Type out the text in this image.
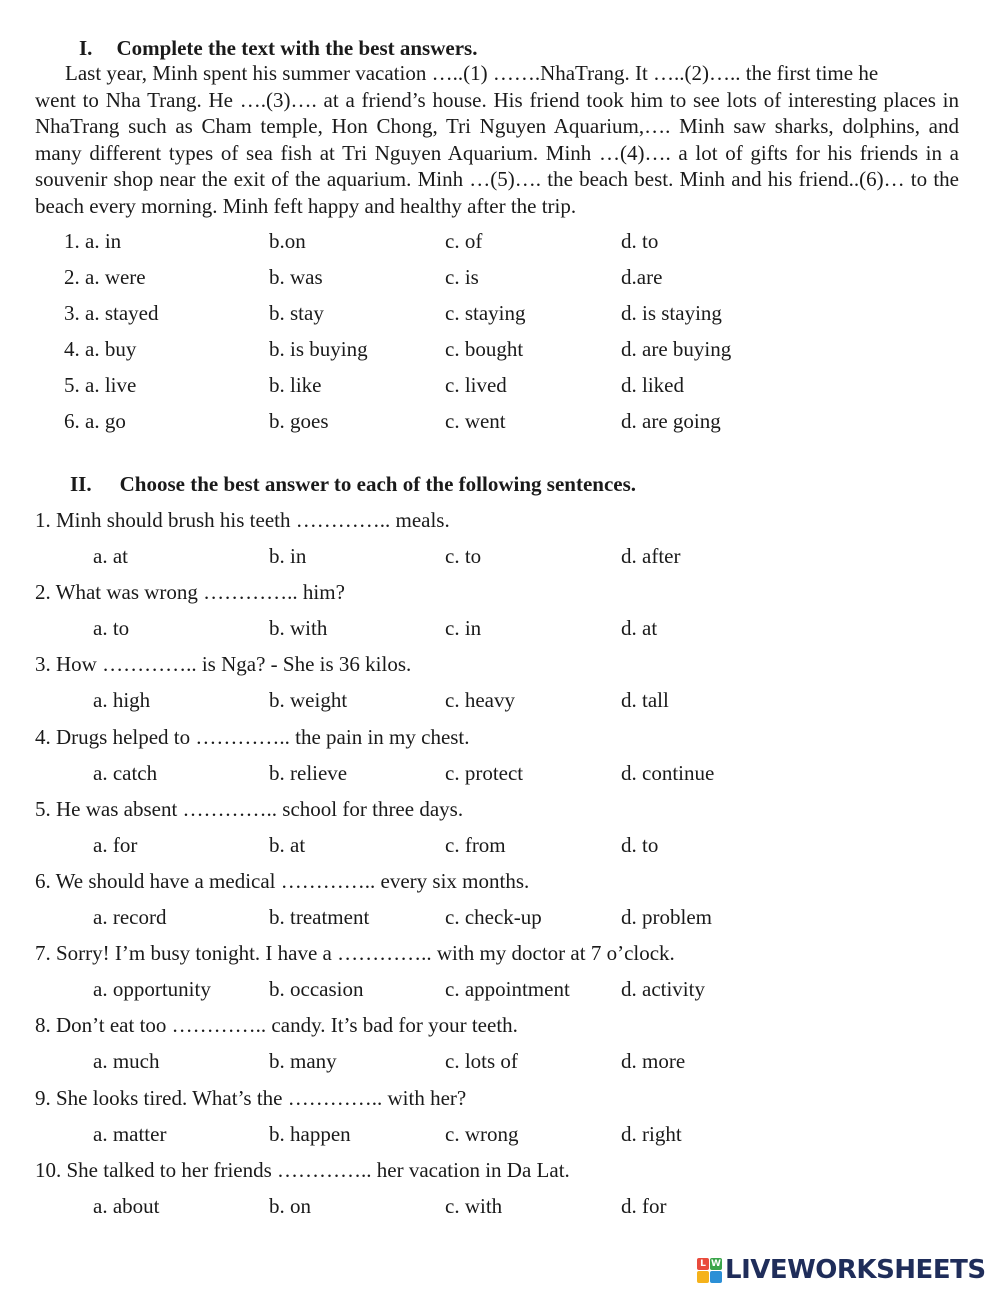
I. Complete the text with the best answers.
Last year, Minh spent his summer vacation …..(1) …….NhaTrang. It …..(2)….. the first time he
went to Nha Trang. He ….(3)…. at a friend’s house. His friend took him to see lots of interesting places in NhaTrang such as Cham temple, Hon Chong, Tri Nguyen Aquarium,…. Minh saw sharks, dolphins, and many different types of sea fish at Tri Nguyen Aquarium. Minh …(4)…. a lot of gifts for his friends in a souvenir shop near the exit of the aquarium. Minh …(5)…. the beach best. Minh and his friend..(6)… to the beach every morning. Minh feft happy and healthy after the trip.
1. a. in	b.on	c. of	d. to
2. a. were	b. was	c. is	d.are
3. a. stayed	b. stay	c. staying	d. is staying
4. a. buy	b. is buying	c. bought	d. are buying
5. a. live	b. like	c. lived	d. liked
6. a. go	b. goes	c. went	d. are going
II. Choose the best answer to each of the following sentences.
1. Minh should brush his teeth ………….. meals.
a. at	b. in	c. to	d. after
2. What was wrong ………….. him?
a. to	b. with	c. in	d. at
3. How ………….. is Nga? - She is 36 kilos.
a. high	b. weight	c. heavy	d. tall
4. Drugs helped to ………….. the pain in my chest.
a. catch	b. relieve	c. protect	d. continue
5. He was absent ………….. school for three days.
a. for	b. at	c. from	d. to
6. We should have a medical ………….. every six months.
a. record	b. treatment	c. check-up	d. problem
7. Sorry! I’m busy tonight. I have a ………….. with my doctor at 7 o’clock.
a. opportunity	b. occasion	c. appointment d. activity
8. Don’t eat too ………….. candy. It’s bad for your teeth.
a. much	b. many	c. lots of	d. more
9. She looks tired. What’s the ………….. with her?
a. matter	b. happen	c. wrong	d. right
10. She talked to her friends ………….. her vacation in Da Lat.
a. about	b. on	c. with	d. for
L W LIVEWORKSHEETS
